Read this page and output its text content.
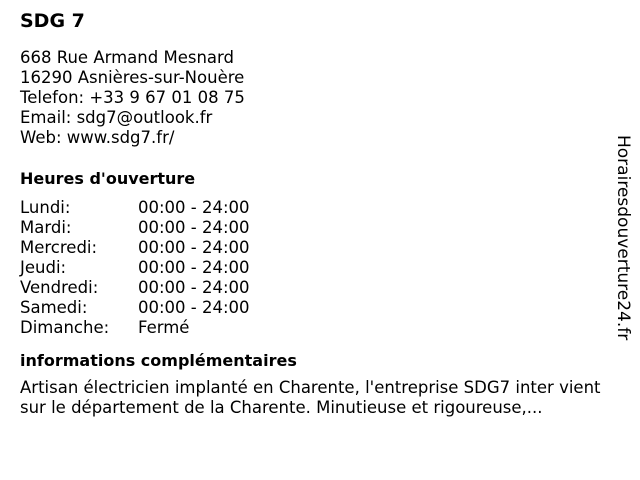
SDG 7
668 Rue Armand Mesnard
16290 Asnières-sur-Nouère
Telefon: +33 9 67 01 08 75
Email: sdg7@outlook.fr
Web: www.sdg7.fr/
Heures d'ouverture
Lundi:	00:00 - 24:00
Mardi:	00:00 - 24:00
Mercredi:	00:00 - 24:00
Jeudi:	00:00 - 24:00
Vendredi:	00:00 - 24:00
Samedi:	00:00 - 24:00
Dimanche:	Fermé
informations complémentaires
Artisan électricien implanté en Charente, l'entreprise SDG7 inter vient sur le département de la Charente. Minutieuse et rigoureuse,...
Horairesdouverture24.fr
